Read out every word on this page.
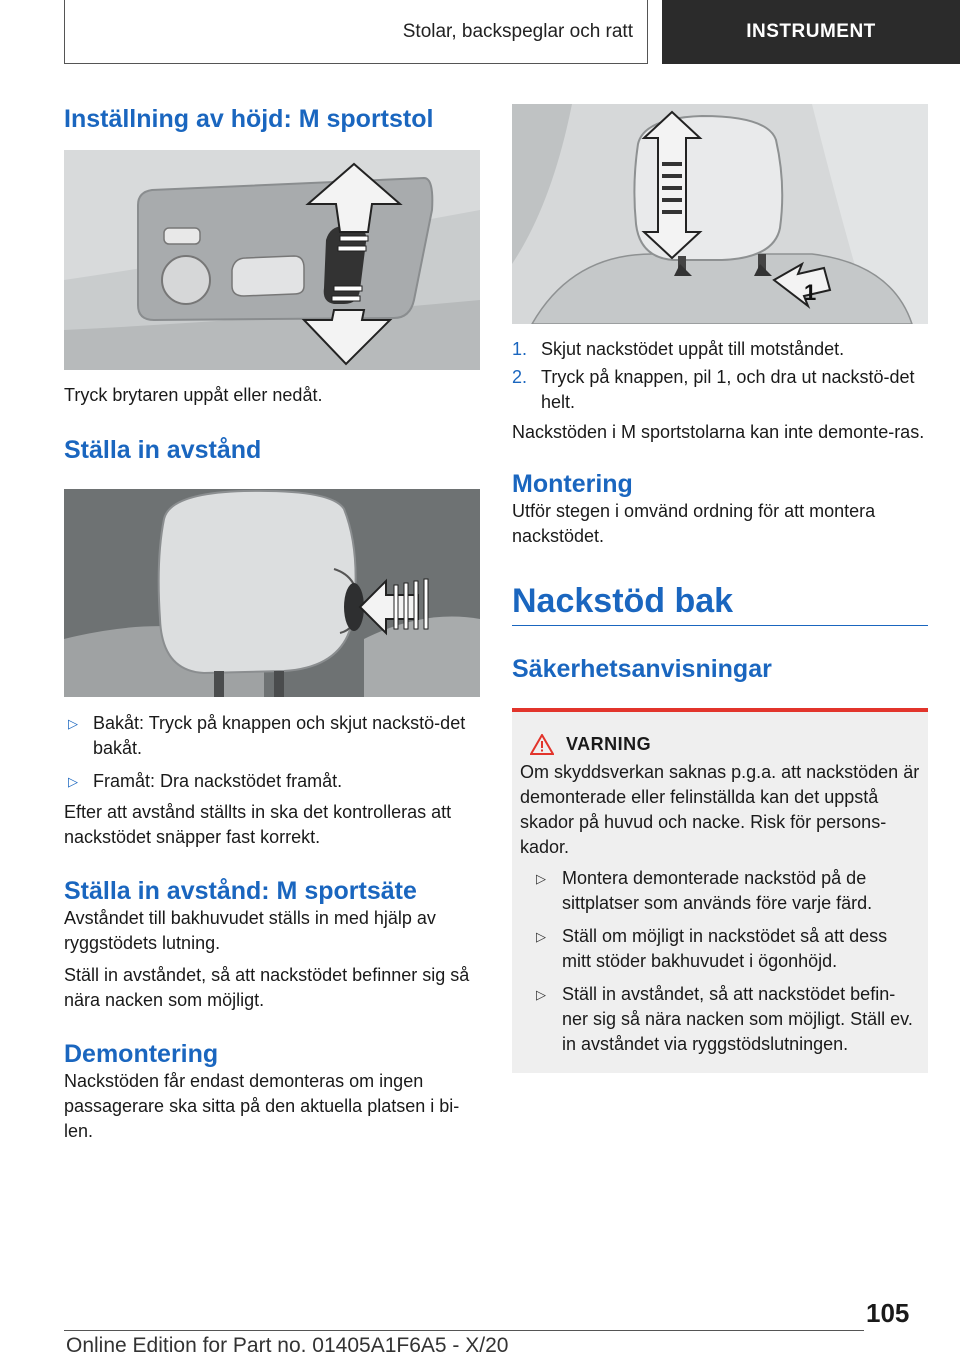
Stolar, backspeglar och ratt	INSTRUMENT
Inställning av höjd: M sportstol

Tryck brytaren uppåt eller nedåt.

Ställa in avstånd
▷ Bakåt: Tryck på knappen och skjut nackstö-det bakåt.
▷ Framåt: Dra nackstödet framåt.

Efter att avstånd ställts in ska det kontrolleras att nackstödet snäpper fast korrekt.

Ställa in avstånd: M sportsäte

Avståndet till bakhuvudet ställs in med hjälp av ryggstödets lutning.

Ställ in avståndet, så att nackstödet befinner sig så nära nacken som möjligt.

Demontering

Nackstöden får endast demonteras om ingen passagerare ska sitta på den aktuella platsen i bi-len.

1
1. Skjut nackstödet uppåt till motståndet.
2. Tryck på knappen, pil 1, och dra ut nackstö-det helt.

Nackstöden i M sportstolarna kan inte demonte-ras.

Montering

Utför stegen i omvänd ordning för att montera nackstödet.

Nackstöd bak
Säkerhetsanvisningar
VARNING

Om skyddsverkan saknas p.g.a. att nackstöden är demonterade eller felinställda kan det uppstå skador på huvud och nacke. Risk för persons-kador.

▷ Montera demonterade nackstöd på de sittplatser som används före varje färd.
▷ Ställ om möjligt in nackstödet så att dess mitt stöder bakhuvudet i ögonhöjd.
▷ Ställ in avståndet, så att nackstödet befin-ner sig så nära nacken som möjligt. Ställ ev. in avståndet via ryggstödslutningen.
105
Online Edition for Part no. 01405A1F6A5 - X/20
